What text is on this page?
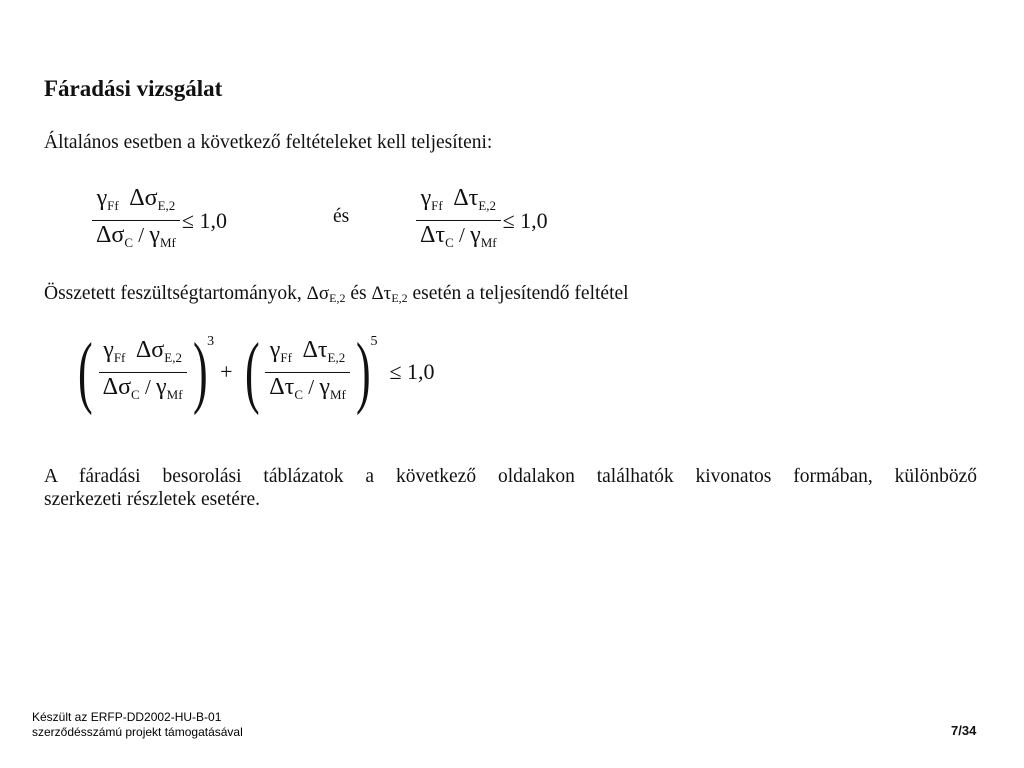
Fáradási vizsgálat
Általános esetben a következő feltételeket kell teljesíteni:
$\frac{\gamma_{Ff} \Delta\sigma_{E,2}}{\Delta\sigma_C / \gamma_{Mf}} \le 1,0$	és	$\frac{\gamma_{Ff} \Delta\tau_{E,2}}{\Delta\tau_C / \gamma_{Mf}} \le 1,0$
Összetett feszültségtartományok, $\Delta\sigma_{E,2}$ és $\Delta\tau_{E,2}$ esetén a teljesítendő feltétel
( $\frac{\gamma_{Ff} \Delta\sigma_{E,2}}{\Delta\sigma_C / \gamma_{Mf}}$ ) 3
+ ( $\frac{\gamma_{Ff} \Delta\tau_{E,2}}{\Delta\tau_C / \gamma_{Mf}}$ ) 5
≤ 1,0
A fáradási besorolási táblázatok a következő oldalakon találhatók kivonatos formában, különböző
szerkezeti részletek esetére.
Készült az ERFP-DD2002-HU-B-01
szerződésszámú projekt támogatásával	7/34
